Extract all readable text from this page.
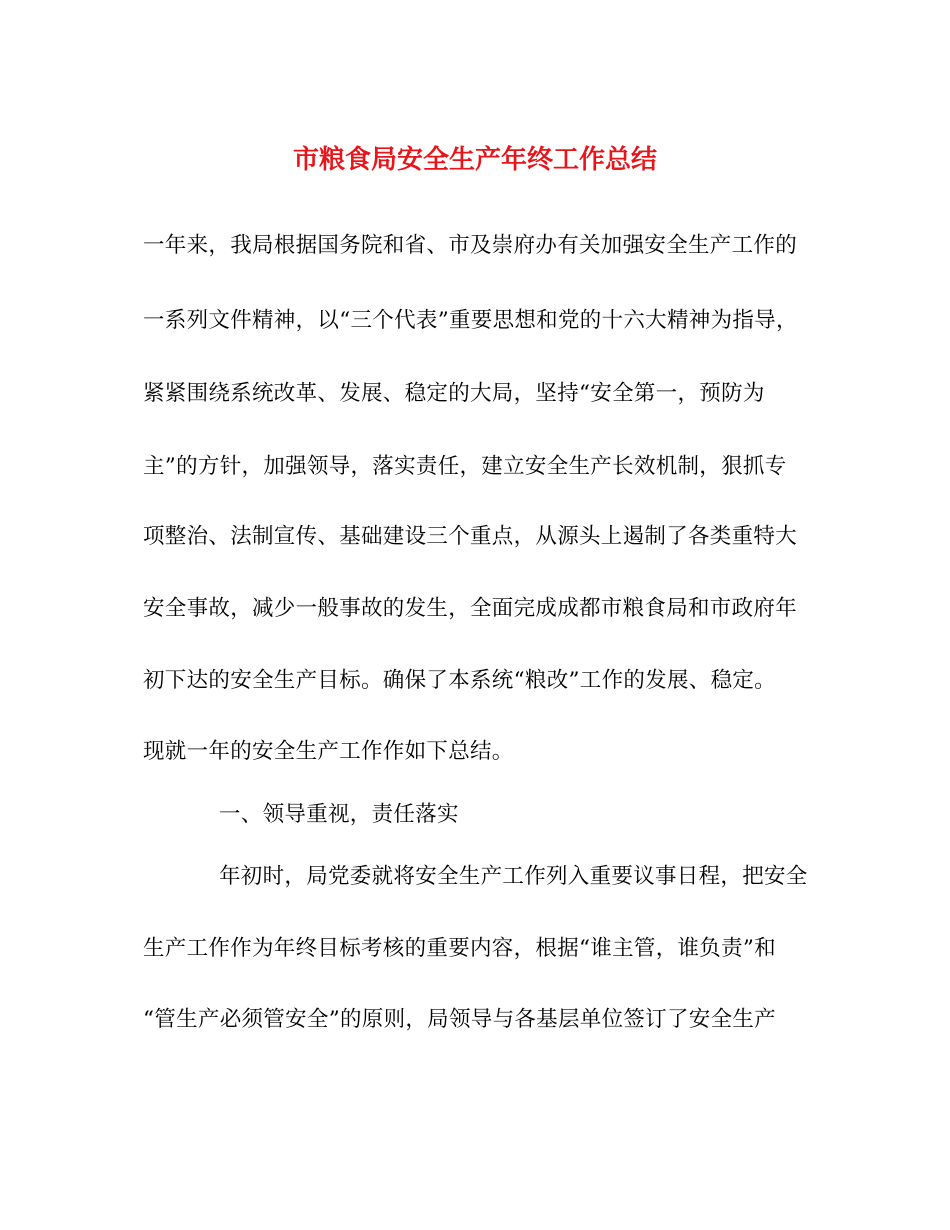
市粮食局安全生产年终工作总结
一年来，我局根据国务院和省、市及崇府办有关加强安全生产工作的
一系列文件精神，以“三个代表”重要思想和党的十六大精神为指导，
紧紧围绕系统改革、发展、稳定的大局，坚持“安全第一，预防为
主”的方针，加强领导，落实责任，建立安全生产长效机制，狠抓专
项整治、法制宣传、基础建设三个重点，从源头上遏制了各类重特大
安全事故，减少一般事故的发生，全面完成成都市粮食局和市政府年
初下达的安全生产目标。确保了本系统“粮改”工作的发展、稳定。
现就一年的安全生产工作作如下总结。
一、领导重视，责任落实
年初时，局党委就将安全生产工作列入重要议事日程，把安全
生产工作作为年终目标考核的重要内容，根据“谁主管，谁负责”和
“管生产必须管安全”的原则，局领导与各基层单位签订了安全生产
